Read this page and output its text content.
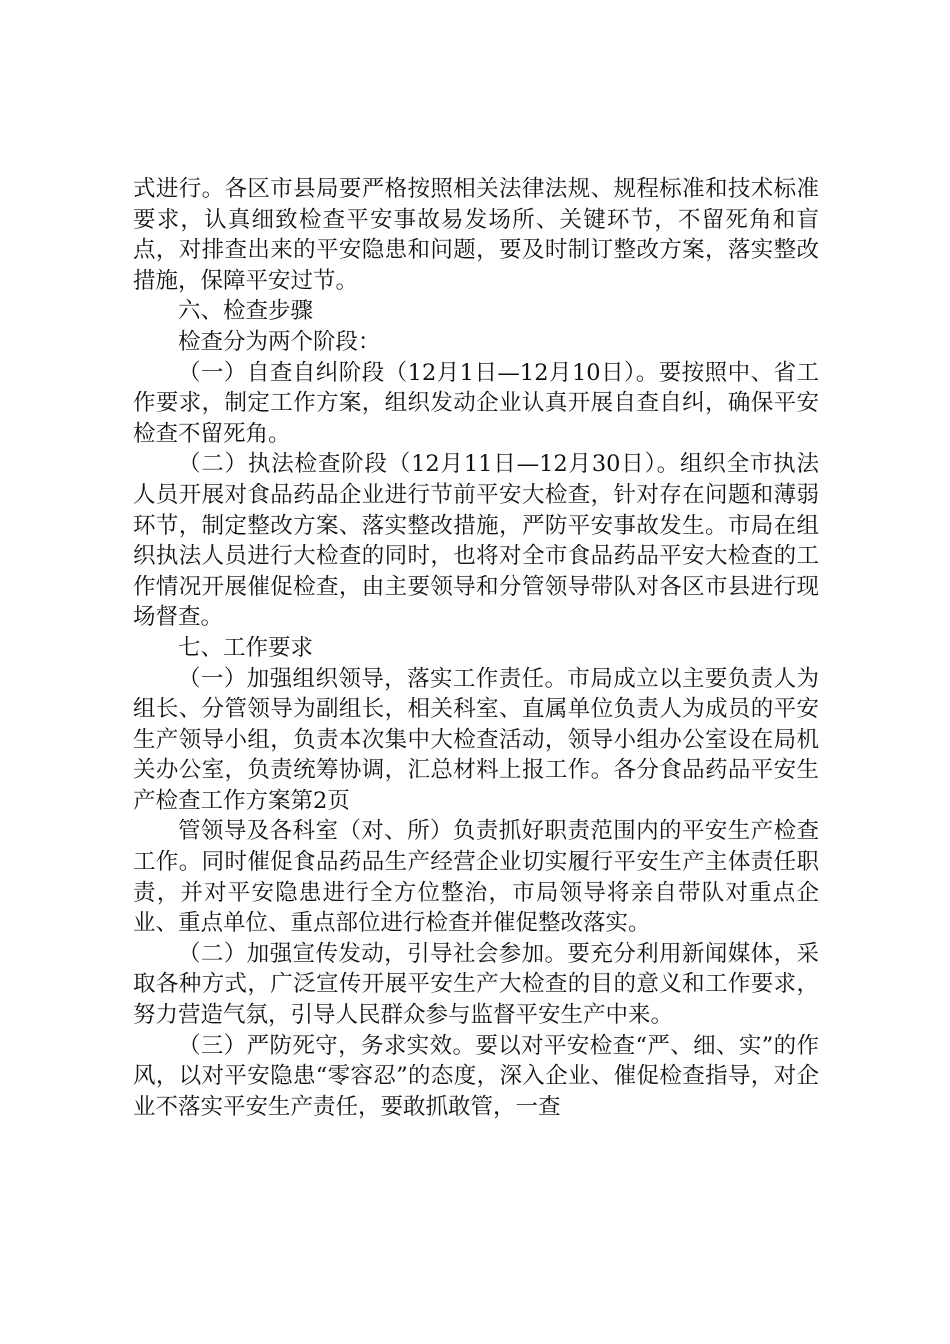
式进行。各区市县局要严格按照相关法律法规、规程标准和技术标准要求，认真细致检查平安事故易发场所、关键环节，不留死角和盲点，对排查出来的平安隐患和问题，要及时制订整改方案，落实整改措施，保障平安过节。

六、检查步骤

检查分为两个阶段：

（一）自查自纠阶段（12月1日—12月10日）。要按照中、省工作要求，制定工作方案，组织发动企业认真开展自查自纠，确保平安检查不留死角。

（二）执法检查阶段（12月11日—12月30日）。组织全市执法人员开展对食品药品企业进行节前平安大检查，针对存在问题和薄弱环节，制定整改方案、落实整改措施，严防平安事故发生。市局在组织执法人员进行大检查的同时，也将对全市食品药品平安大检查的工作情况开展催促检查，由主要领导和分管领导带队对各区市县进行现场督查。

七、工作要求

（一）加强组织领导，落实工作责任。市局成立以主要负责人为组长、分管领导为副组长，相关科室、直属单位负责人为成员的平安生产领导小组，负责本次集中大检查活动，领导小组办公室设在局机关办公室，负责统筹协调，汇总材料上报工作。各分食品药品平安生产检查工作方案第2页

管领导及各科室（对、所）负责抓好职责范围内的平安生产检查工作。同时催促食品药品生产经营企业切实履行平安生产主体责任职责，并对平安隐患进行全方位整治，市局领导将亲自带队对重点企业、重点单位、重点部位进行检查并催促整改落实。

（二）加强宣传发动，引导社会参加。要充分利用新闻媒体，采取各种方式，广泛宣传开展平安生产大检查的目的意义和工作要求，努力营造气氛，引导人民群众参与监督平安生产中来。

（三）严防死守，务求实效。要以对平安检查“严、细、实”的作风，以对平安隐患“零容忍”的态度，深入企业、催促检查指导，对企业不落实平安生产责任，要敢抓敢管，一查
